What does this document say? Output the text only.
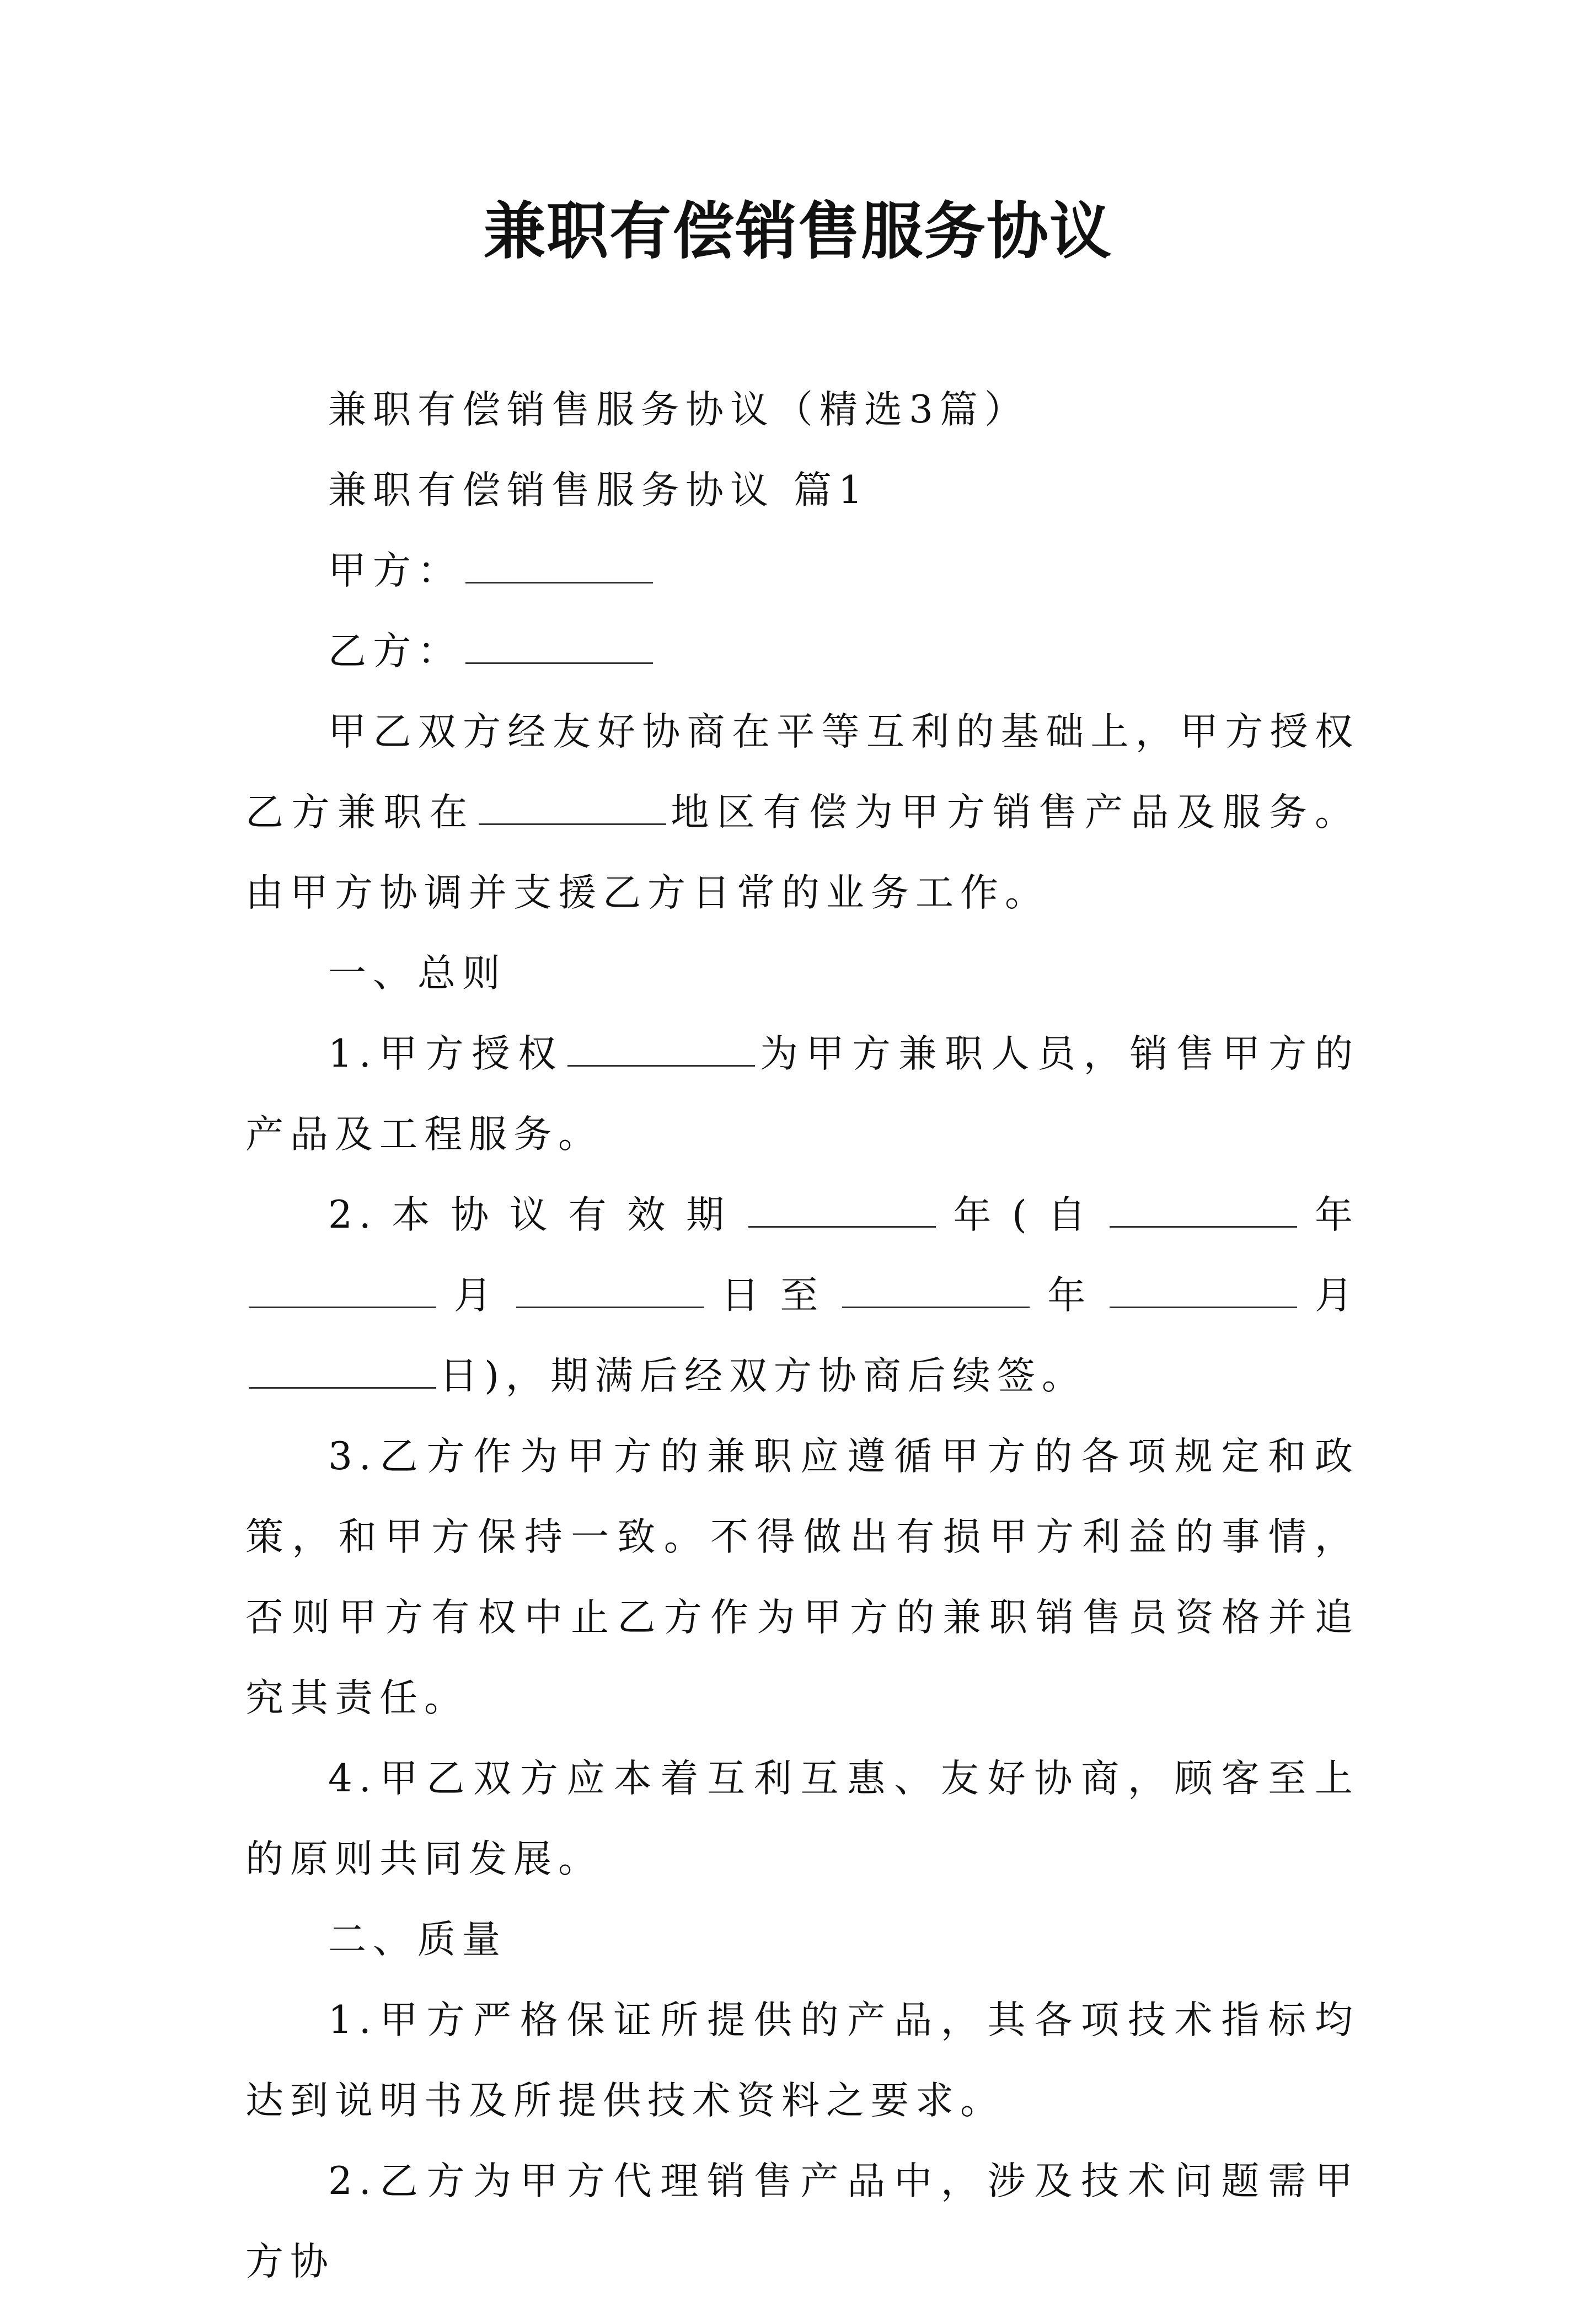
兼职有偿销售服务协议

兼职有偿销售服务协议（精选3篇）

兼职有偿销售服务协议 篇1

甲方：

乙方：

甲乙双方经友好协商在平等互利的基础上，甲方授权乙方兼职在	地区有偿为甲方销售产品及服务。由甲方协调并支援乙方日常的业务工作。

一、总则

1.甲方授权	为甲方兼职人员，销售甲方的产品及工程服务。

2.本协议有效期	年(自	年月	日至	年	月日)，期满后经双方协商后续签。

3.乙方作为甲方的兼职应遵循甲方的各项规定和政策，和甲方保持一致。不得做出有损甲方利益的事情，否则甲方有权中止乙方作为甲方的兼职销售员资格并追究其责任。

4.甲乙双方应本着互利互惠、友好协商，顾客至上的原则共同发展。

二、质量

1.甲方严格保证所提供的产品，其各项技术指标均达到说明书及所提供技术资料之要求。

2.乙方为甲方代理销售产品中，涉及技术问题需甲方协
